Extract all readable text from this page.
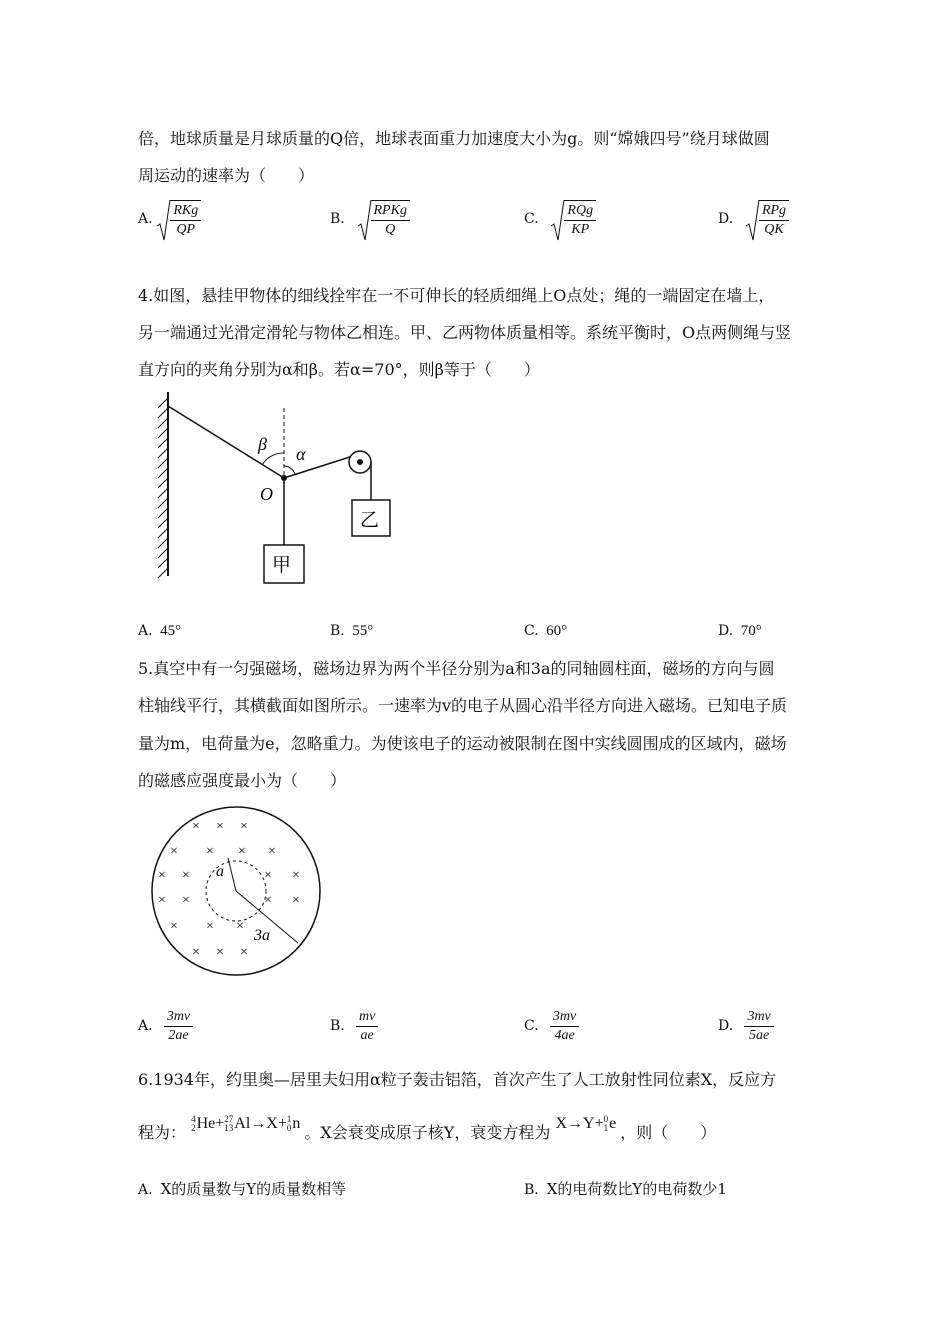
倍，地球质量是月球质量的Q倍，地球表面重力加速度大小为g。则“嫦娥四号”绕月球做圆
周运动的速率为（　　）
A. $\frac{\text{RKg}}{QP}$	B. $\frac{\text{RPKg}}{Q}$	C. $\frac{\text{RQg}}{KP}$	D. $\frac{\text{RPg}}{QK}$
4.如图，悬挂甲物体的细线拴牢在一不可伸长的轻质细绳上O点处；绳的一端固定在墙上，
另一端通过光滑定滑轮与物体乙相连。甲、乙两物体质量相等。系统平衡时，O点两侧绳与竖
直方向的夹角分别为α和β。若α=70°，则β等于（　　）
甲
乙
β α
O
A. 45°	B. 55°	C. 60°	D. 70°
5.真空中有一匀强磁场，磁场边界为两个半径分别为a和3a的同轴圆柱面，磁场的方向与圆
柱轴线平行，其横截面如图所示。一速率为v的电子从圆心沿半径方向进入磁场。已知电子质
量为m，电荷量为e，忽略重力。为使该电子的运动被限制在图中实线圆围成的区域内，磁场
的磁感应强度最小为（　　）
a
3a
× × ×
× × × ×
× ×	× ×
× ×	× ×
× × ×
× × ×
A. $\frac{3mv}{2ae}$	B. $\frac{mv}{ae}$	C. $\frac{3mv}{4ae}$	D. $\frac{3mv}{5ae}$
6.1934年，约里奥—居里夫妇用α粒子轰击铝箔，首次产生了人工放射性同位素X，反应方
程为： 4
2He+27
13Al→X+1
0n 。X会衰变成原子核Y，衰变方程为 X→Y+0
1e ，则（　　）
A. X的质量数与Y的质量数相等	B. X的电荷数比Y的电荷数少1
